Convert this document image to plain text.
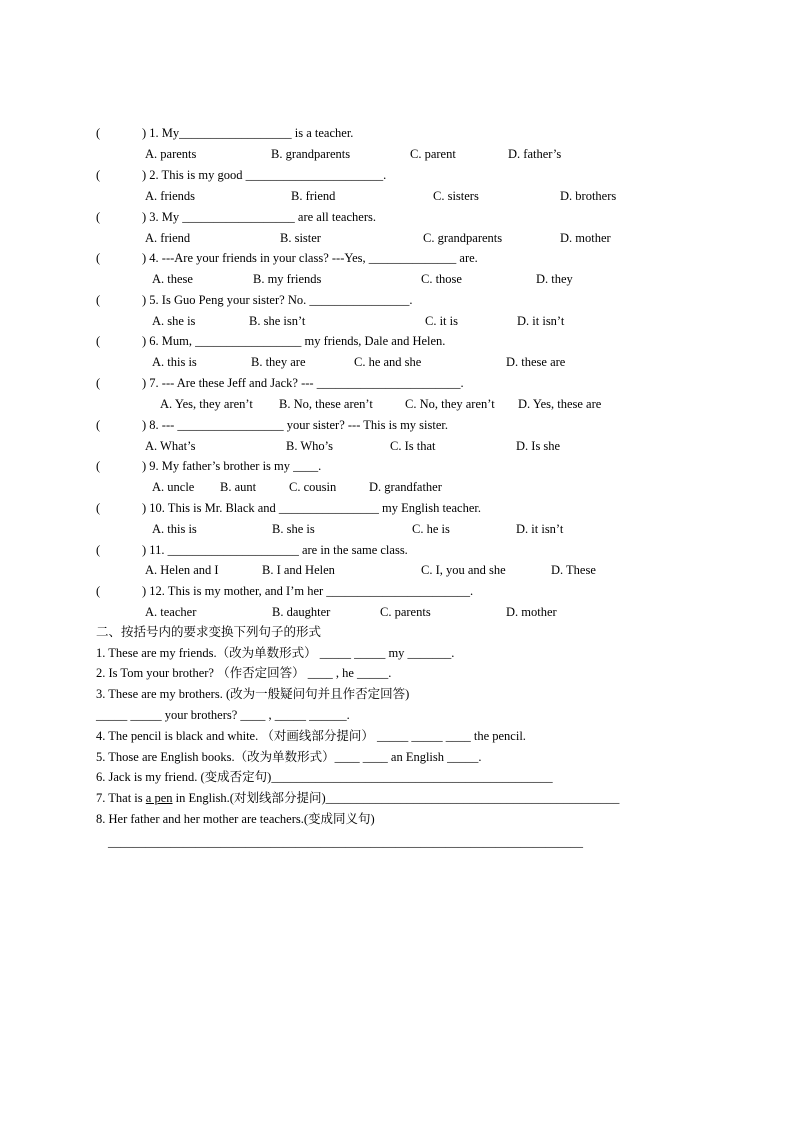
(	) 1. My__________________ is a teacher.
A. parents	B. grandparents	C. parent	D. father’s
(	) 2. This is my good ______________________.
A. friends	B. friend	C. sisters	D. brothers
(	) 3. My __________________ are all teachers.
A. friend	B. sister	C. grandparents	D. mother
(	) 4. ---Are your friends in your class? ---Yes, ______________ are.
A. these	B. my friends	C. those	D. they
(	) 5. Is Guo Peng your sister? No. ________________.
A. she is	B. she isn’t	C. it is	D. it isn’t
(	) 6. Mum, _________________ my friends, Dale and Helen.
A. this is	B. they are	C. he and she	D. these are
(	) 7. --- Are these Jeff and Jack? --- _______________________.
A. Yes, they aren’t B. No, these aren’t	C. No, they aren’t D. Yes, these are
(	) 8. --- _________________ your sister? --- This is my sister.
A. What’s	B. Who’s	C. Is that	D. Is she
(	) 9. My father’s brother is my ____.
A. uncle B. aunt	C. cousin	D. grandfather
(	) 10. This is Mr. Black and ________________ my English teacher.
A. this is	B. she is	C. he is	D. it isn’t
(	) 11. _____________________ are in the same class.
A. Helen and I	B. I and Helen	C. I, you and she	D. These
(	) 12. This is my mother, and I’m her _______________________.
A. teacher	B. daughter	C. parents	D. mother
二、按括号内的要求变换下列句子的形式
1. These are my friends.（改为单数形式） _____ _____ my _______.
2. Is Tom your brother? （作否定回答） ____ , he _____.
3. These are my brothers. (改为一般疑问句并且作否定回答)
_____ _____ your brothers? ____ , _____ ______.
4. The pencil is black and white. （对画线部分提问） _____ _____ ____ the pencil.
5. Those are English books.（改为单数形式）____ ____ an English _____.
6. Jack is my friend. (变成否定句)_____________________________________________
7. That is a pen in English.(对划线部分提问)_______________________________________________
8. Her father and her mother are teachers.(变成同义句)
____________________________________________________________________________
